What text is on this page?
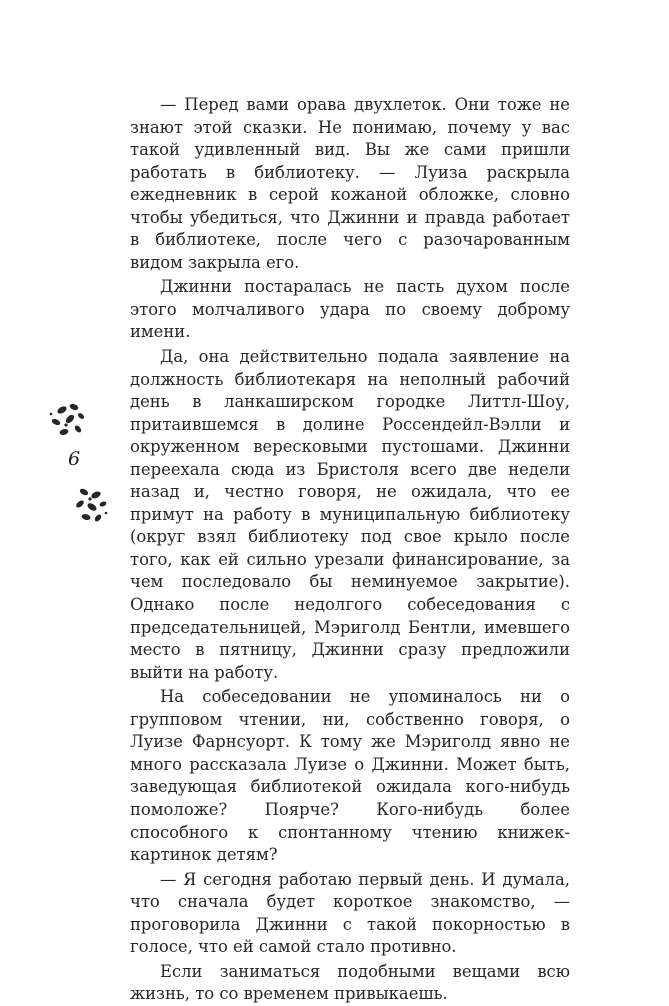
— Перед вами орава двухлеток. Они тоже не знают этой сказки. Не понимаю, почему у вас такой удивленный вид. Вы же сами пришли работать в библиотеку. — Луиза раскрыла ежедневник в серой кожаной обложке, словно чтобы убедиться, что Джинни и правда работает в библиотеке, после чего с разочарованным видом закрыла его.

Джинни постаралась не пасть духом после этого молчаливого удара по своему доброму имени.

Да, она действительно подала заявление на должность библиотекаря на неполный рабочий день в ланкаширском городке Литтл-Шоу, притаившемся в долине Россендейл-Вэлли и окруженном вересковыми пустошами. Джинни переехала сюда из Бристоля всего две недели назад и, честно говоря, не ожидала, что ее примут на работу в муниципальную библиотеку (округ взял библиотеку под свое крыло после того, как ей сильно урезали финансирование, за чем последовало бы неминуемое закрытие). Однако после недолгого собеседования с председательницей, Мэриголд Бентли, имевшего место в пятницу, Джинни сразу предложили выйти на работу.

На собеседовании не упоминалось ни о групповом чтении, ни, собственно говоря, о Луизе Фарнсуорт. К тому же Мэриголд явно не много рассказала Луизе о Джинни. Может быть, заведующая библиотекой ожидала кого-нибудь помоложе? Поярче? Кого-нибудь более способного к спонтанному чтению книжек-картинок детям?

— Я сегодня работаю первый день. И думала, что сначала будет короткое знакомство, — проговорила Джинни с такой покорностью в голосе, что ей самой стало противно.

Если заниматься подобными вещами всю жизнь, то со временем привыкаешь.

6
